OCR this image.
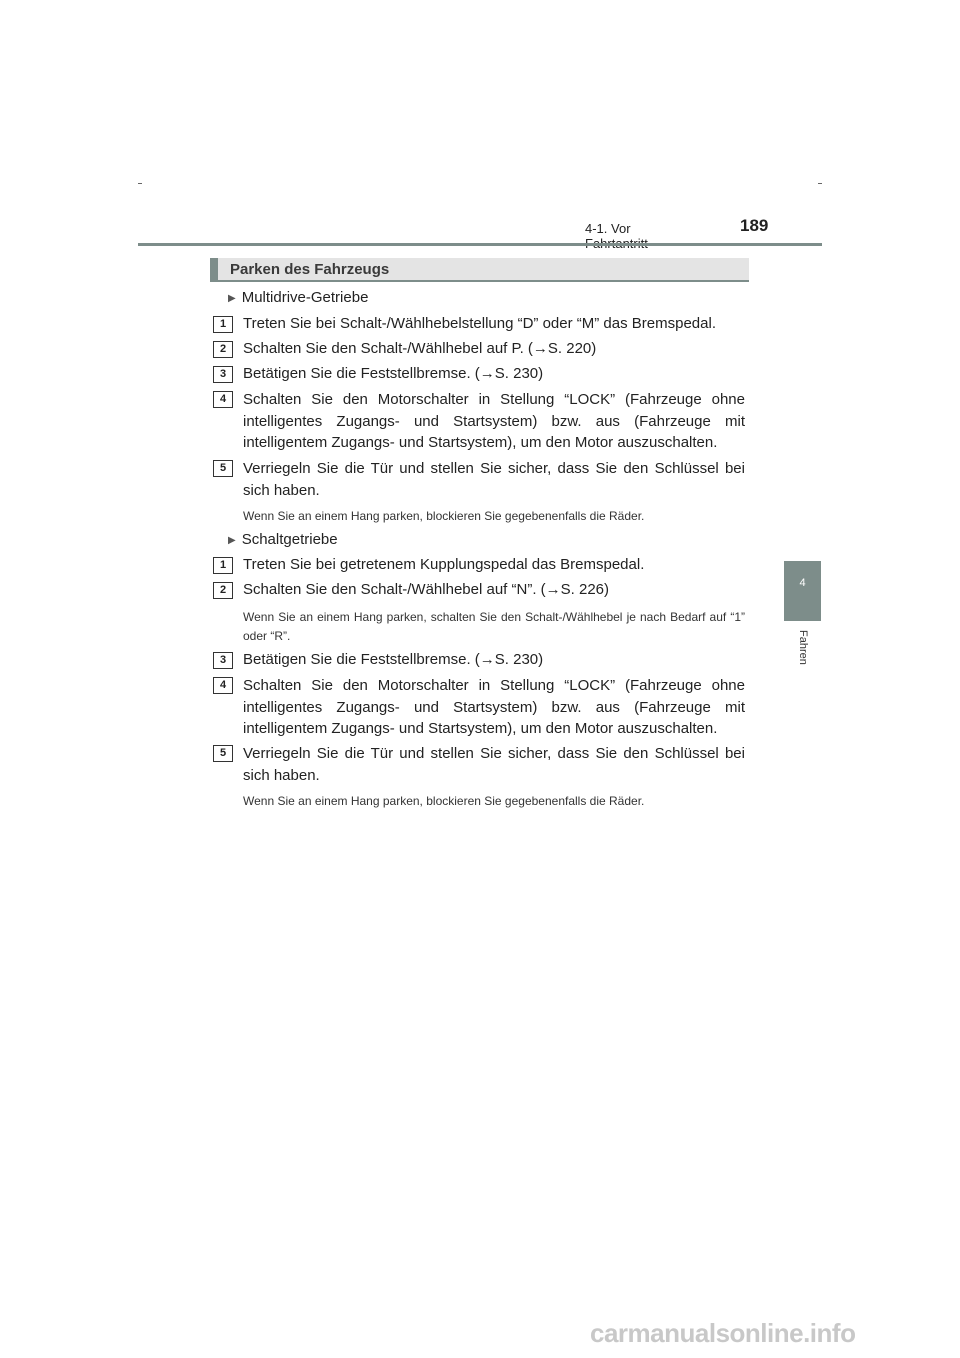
4-1. Vor	189
4
Fahren
Parken des Fahrzeugs
▶ Multidrive-Getriebe
1	Treten Sie bei Schalt-/Wählhebelstellung “D” oder “M” das Bremspedal.
2	Schalten Sie den Schalt-/Wählhebel auf P. (→S. 220)
3	Betätigen Sie die Feststellbremse. (→S. 230)
4	Schalten Sie den Motorschalter in Stellung “LOCK” (Fahrzeuge ohne intelligentes Zugangs- und Startsystem) bzw. aus (Fahrzeuge mit intelligentem Zugangs- und Startsystem), um den Motor auszuschalten.
5	Verriegeln Sie die Tür und stellen Sie sicher, dass Sie den Schlüssel bei sich haben.
Wenn Sie an einem Hang parken, blockieren Sie gegebenenfalls die Räder.
▶ Schaltgetriebe
1	Treten Sie bei getretenem Kupplungspedal das Bremspedal.
2	Schalten Sie den Schalt-/Wählhebel auf “N”. (→S. 226)
Wenn Sie an einem Hang parken, schalten Sie den Schalt-/Wählhebel je nach Bedarf auf “1” oder “R”.
3	Betätigen Sie die Feststellbremse. (→S. 230)
4	Schalten Sie den Motorschalter in Stellung “LOCK” (Fahrzeuge ohne intelligentes Zugangs- und Startsystem) bzw. aus (Fahrzeuge mit intelligentem Zugangs- und Startsystem), um den Motor auszuschalten.
5	Verriegeln Sie die Tür und stellen Sie sicher, dass Sie den Schlüssel bei sich haben.
Wenn Sie an einem Hang parken, blockieren Sie gegebenenfalls die Räder.
carmanualsonline.info
